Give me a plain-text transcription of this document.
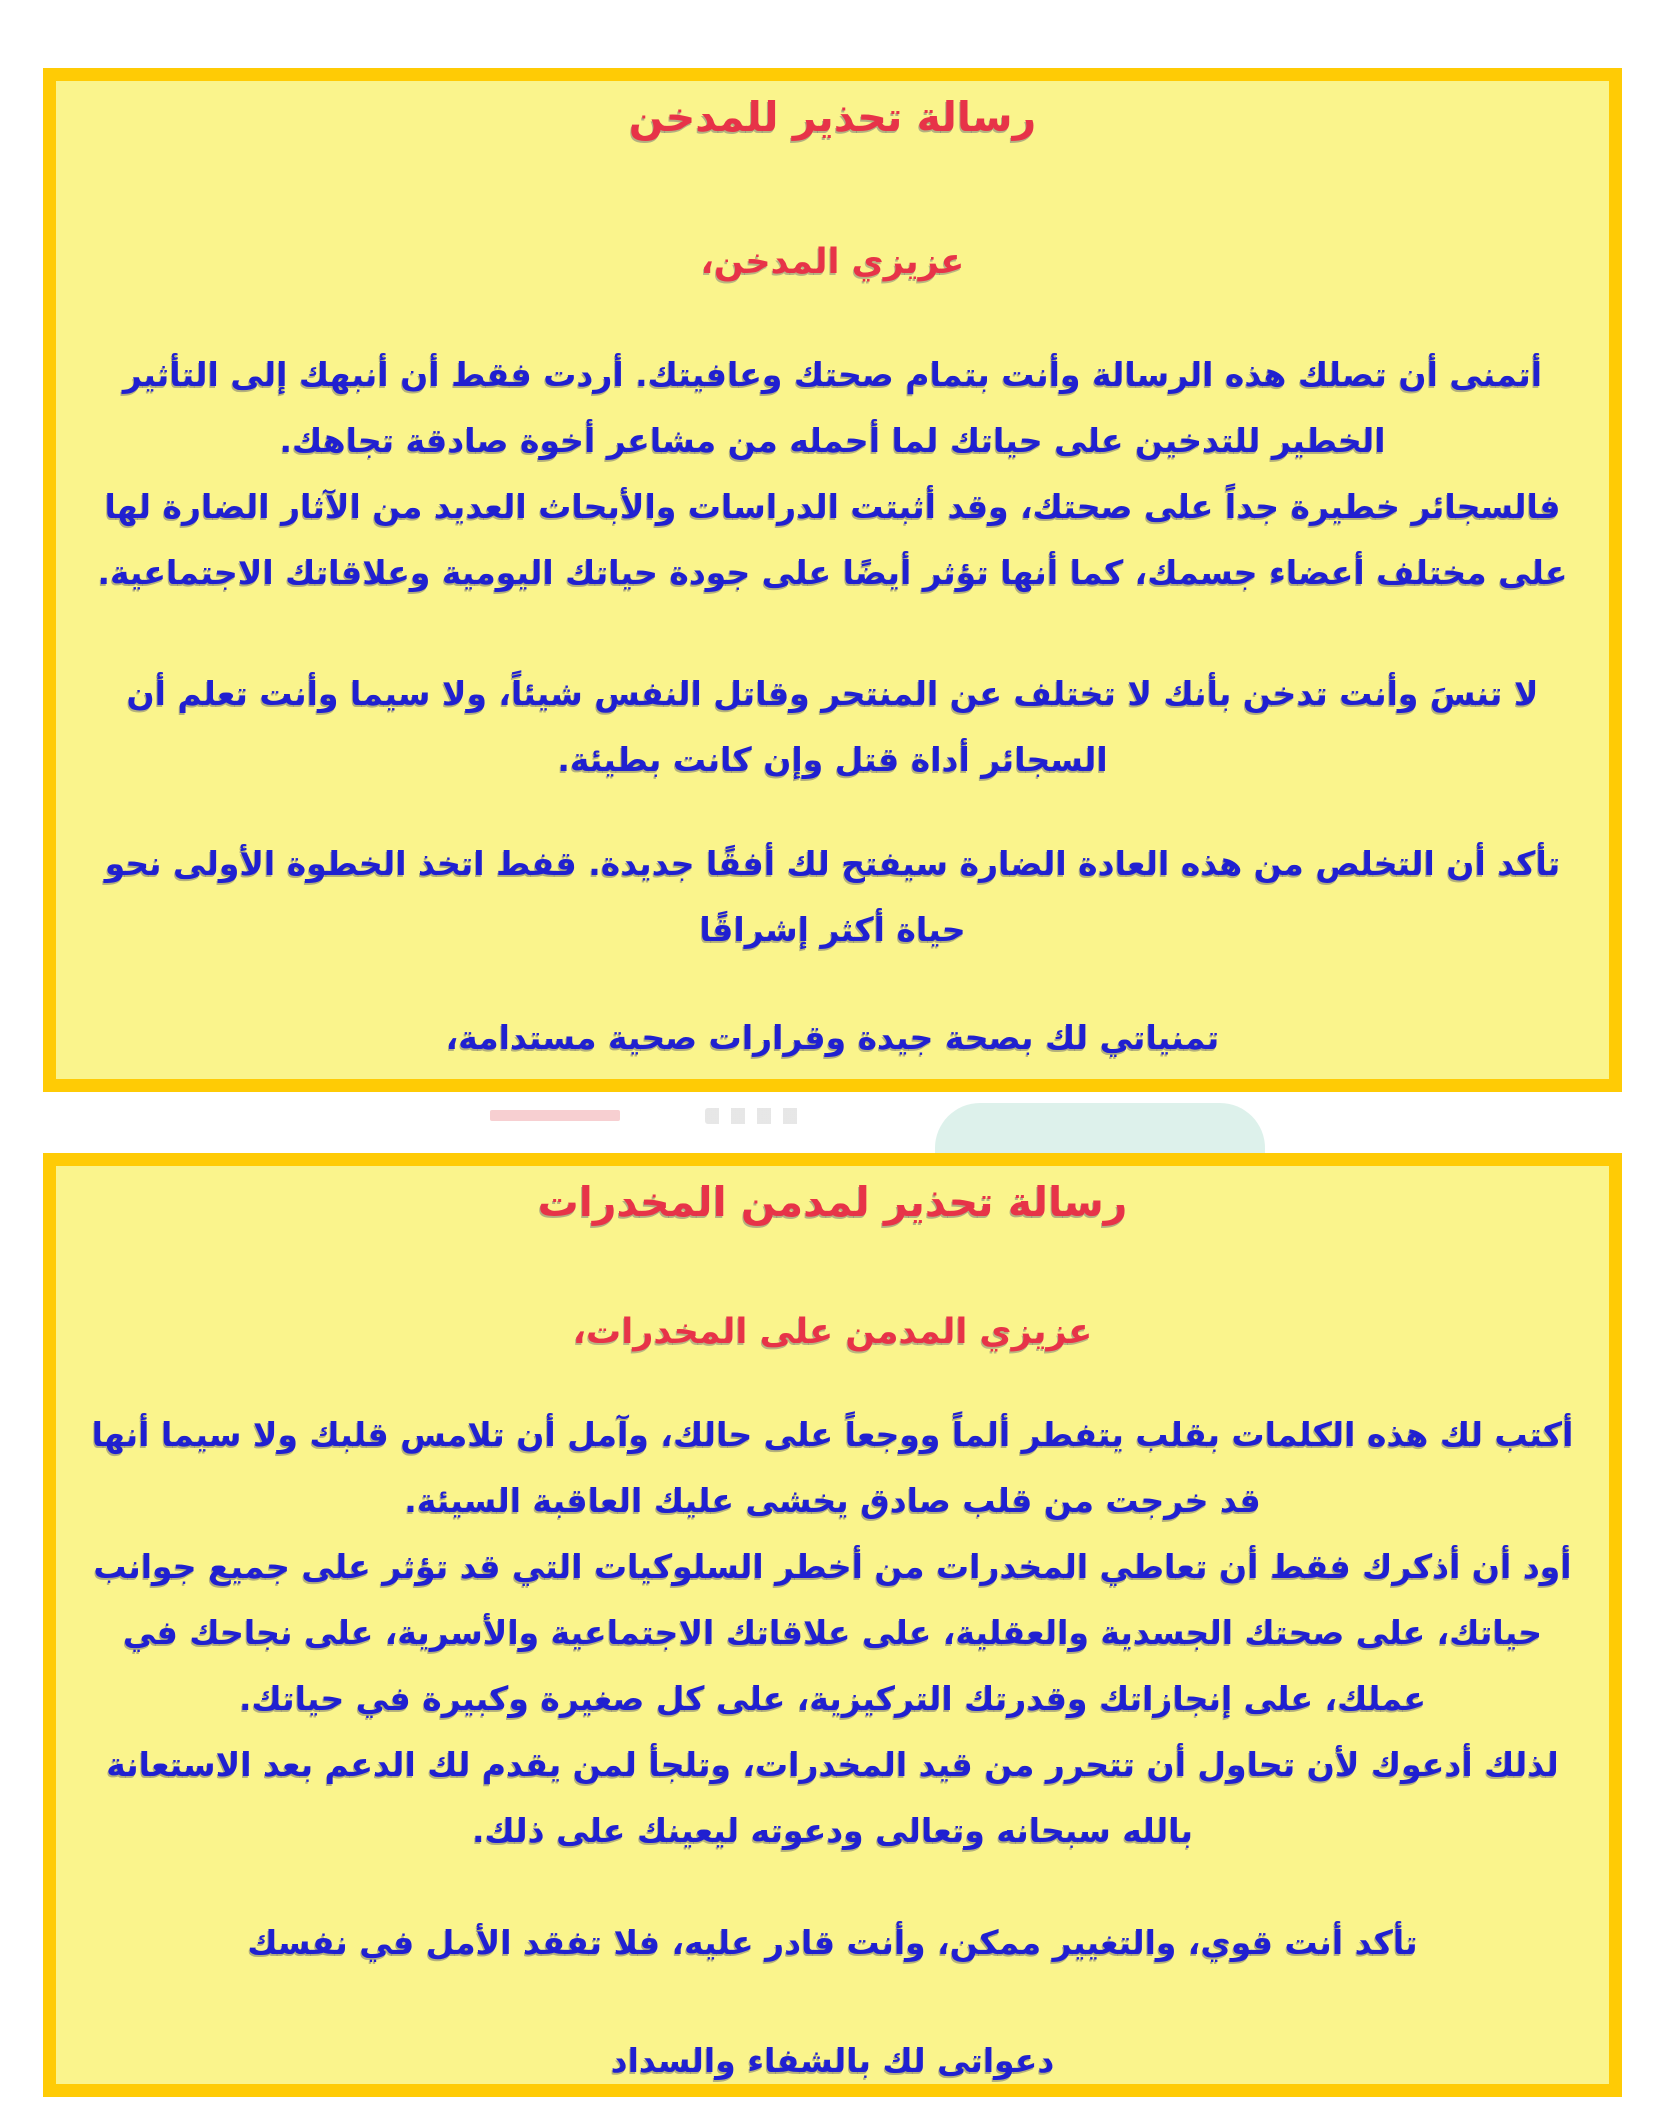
رسالة تحذير للمدخن
عزيزي المدخن،

أتمنى أن تصلك هذه الرسالة وأنت بتمام صحتك وعافيتك. أردت فقط أن أنبهك إلى التأثير الخطير للتدخين على حياتك لما أحمله من مشاعر أخوة صادقة تجاهك.

فالسجائر خطيرة جداً على صحتك، وقد أثبتت الدراسات والأبحاث العديد من الآثار الضارة لها على مختلف أعضاء جسمك، كما أنها تؤثر أيضًا على جودة حياتك اليومية وعلاقاتك الاجتماعية.

لا تنسَ وأنت تدخن بأنك لا تختلف عن المنتحر وقاتل النفس شيئاً، ولا سيما وأنت تعلم أن السجائر أداة قتل وإن كانت بطيئة.

تأكد أن التخلص من هذه العادة الضارة سيفتح لك أفقًا جديدة. قفط اتخذ الخطوة الأولى نحو حياة أكثر إشراقًا

تمنياتي لك بصحة جيدة وقرارات صحية مستدامة،
رسالة تحذير لمدمن المخدرات
عزيزي المدمن على المخدرات،

أكتب لك هذه الكلمات بقلب يتفطر ألماً ووجعاً على حالك، وآمل أن تلامس قلبك ولا سيما أنها قد خرجت من قلب صادق يخشى عليك العاقبة السيئة.

أود أن أذكرك فقط أن تعاطي المخدرات من أخطر السلوكيات التي قد تؤثر على جميع جوانب حياتك، على صحتك الجسدية والعقلية، على علاقاتك الاجتماعية والأسرية، على نجاحك في عملك، على إنجازاتك وقدرتك التركيزية، على كل صغيرة وكبيرة في حياتك.

لذلك أدعوك لأن تحاول أن تتحرر من قيد المخدرات، وتلجأ لمن يقدم لك الدعم بعد الاستعانة بالله سبحانه وتعالى ودعوته ليعينك على ذلك.

تأكد أنت قوي، والتغيير ممكن، وأنت قادر عليه، فلا تفقد الأمل في نفسك

دعواتى لك بالشفاء والسداد
